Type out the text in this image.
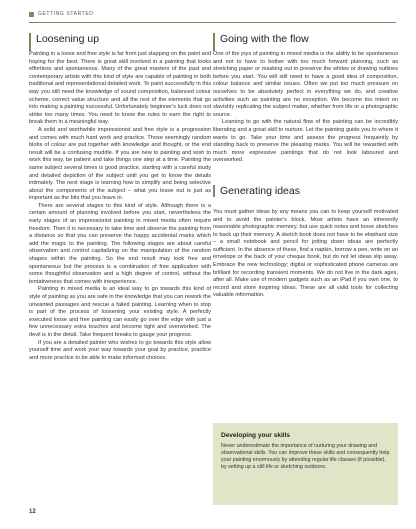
GETTING STARTED
Loosening up

Painting in a loose and free style is far from just slapping on the paint and hoping for the best. There is great skill involved in a painting that looks effortless and spontaneous. Many of the great masters of the past and contemporary artists with this kind of style are capable of painting in both traditional and representational detailed work. To paint successfully in this way you still need the knowledge of sound composition, balanced colour scheme, correct value structure and all the rest of the elements that go into making a painting successful. Unfortunately beginner's luck does not strike too many times. You need to know the rules to earn the right to break them in a meaningful way.

A solid and worthwhile impressionist and free style is a progression and comes with much hard work and practice. Those seemingly random blobs of colour are put together with knowledge and thought, or the end result will be a confusing muddle. If you are new to painting and wish to work this way, be patient and take things one step at a time. Painting the same subject several times is good practice, starting with a careful study and detailed depiction of the subject until you get to know the details intimately. The next stage is learning how to simplify and being selective about the components of the subject – what you leave out is just as important as the bits that you leave in.

There are several stages to this kind of style. Although there is a certain amount of planning involved before you start, nevertheless the early stages of an impressionist painting in mixed media often require freedom. Then it is necessary to take time and observe the painting from a distance so that you can preserve the happy accidental marks which add the magic to the painting. The following stages are about careful observation and control capitalizing on the manipulation of the random shapes within the painting. So the end result may look free and spontaneous but the process is a combination of free application with some thoughtful observation and a high degree of control, without the tentativeness that comes with inexperience.

Painting in mixed media is an ideal way to go towards this kind of style of painting as you are safe in the knowledge that you can rework the unwanted passages and rescue a failed painting. Learning when to stop is part of the process of loosening your existing style. A perfectly executed loose and free painting can easily go over the edge with just a few unnecessary extra touches and become tight and overworked. The devil is in the detail. Take frequent breaks to gauge your progress.

If you are a detailed painter who wishes to go towards this style allow yourself time and work your way towards your goal by practice, practice and more practice to be able to make informed choices.

Going with the flow

One of the joys of painting in mixed media is the ability to be spontaneous and not to have to bother with too much forward planning, such as stretching paper or masking out to preserve the whites or drawing outlines before you start. You will still need to have a good idea of composition, colour balance and similar issues. Often we put too much pressure on ourselves to be absolutely perfect in everything we do, and creative activities such as painting are no exception. We become too intent on slavishly replicating the subject matter, whether from life or a photographic source.

Learning to go with the natural flow of the painting can be incredibly liberating and a great skill to nurture. Let the painting guide you to where it wants to go. Take your time and assess the progress frequently by standing back to preserve the pleasing marks. You will be rewarded with much more expressive paintings that do not look laboured and overworked.

Generating ideas

You must gather ideas by any means you can to keep yourself motivated and to avoid the painter's block. Most artists have an inherently reasonable photographic memory, but use quick notes and loose sketches to back up their memory. A sketch book does not have to be elephant size – a small notebook and pencil for jotting down ideas are perfectly sufficient. In the absence of these, find a napkin, borrow a pen, write on an envelope or the back of your cheque book, but do not let ideas slip away. Embrace the new technology; digital or sophisticated phone cameras are brilliant for recording transient moments. We do not live in the dark ages, after all. Make use of modern gadgets such as an iPad if you own one, to record and store inspiring ideas. These are all valid tools for collecting valuable information.

Developing your skills

Never underestimate the importance of nurturing your drawing and observational skills. You can improve these skills and consequently help your painting enormously by attending regular life classes (if possible), by setting up a still life or sketching outdoors.

12
